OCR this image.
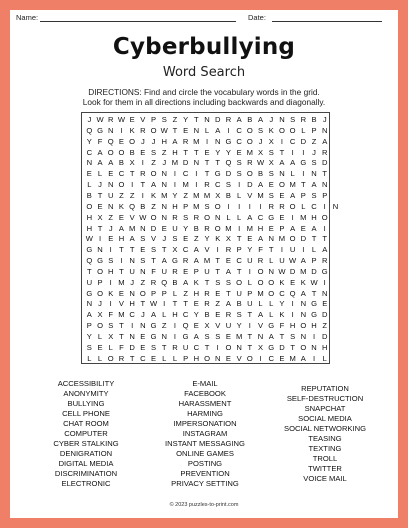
Name:	Date:
Cyberbullying
Word Search
DIRECTIONS: Find and circle the vocabulary words in the grid.
Look for them in all directions including backwards and diagonally.
J W R W E V P S Z Y T N D R A B A J N S R B J
Q G N I K R O W T E N L A I C O S K O O L P N
Y F Q E O J J H A R M I N G C O J X I C D Z A
C A O O B E S Z H T T E Y Y E M X S T I	I	J R
N A A B X I Z J M D N T T Q S R W X A A G S D
E L E C T R O N I C I T G D S O B S N L I N T
L J N O I T A N I M I R C S I D A E O M T A N
B T U Z Z I K M Y Z M M X B L V M S E A P S P
O E N K Q B Z N H P M S O I	I	I	I R R O L C I N
H X Z E V W O N R S R O N L L A C G E I M H O
H T J A M N D E U Y B R O M I M H E P A E A I
W I E H A S V J S E Z Y K X T E A N M O D T T
G N I T T E S T X C A V I R P Y F T I U I L A
Q G S I N S T A G R A M T E C U R L U W A P R
T O H T U N F U R E P U T A T I O N W D M D G
U P I M J Z R Q B A K T S S O L O O K E K W I
G O K E N O P P L Z H R E T U P M O C Q A T N
N J	I V H T W I T T E R Z A B U L L Y I N G E
A X F M C J A L H C Y B E R S T A L K I N G D
P O S T I N G Z I Q E X V U Y I V G F H O H Z
Y L X T N E G N I G A S S E M T N A T S N I D
S E L F D E S T R U C T I O N T X G D T O N H
L L O R T C E L L P H O N E V O I C E M A I L
ACCESSIBILITY
ANONYMITY
BULLYING
CELL PHONE
CHAT ROOM
COMPUTER
CYBER STALKING
DENIGRATION
DIGITAL MEDIA
DISCRIMINATION
ELECTRONIC
E-MAIL
FACEBOOK
HARASSMENT
HARMING
IMPERSONATION
INSTAGRAM
INSTANT MESSAGING
ONLINE GAMES
POSTING
PREVENTION
PRIVACY SETTING
REPUTATION
SELF-DESTRUCTION
SNAPCHAT
SOCIAL MEDIA
SOCIAL NETWORKING
TEASING
TEXTING
TROLL
TWITTER
VOICE MAIL
© 2023 puzzles-to-print.com
